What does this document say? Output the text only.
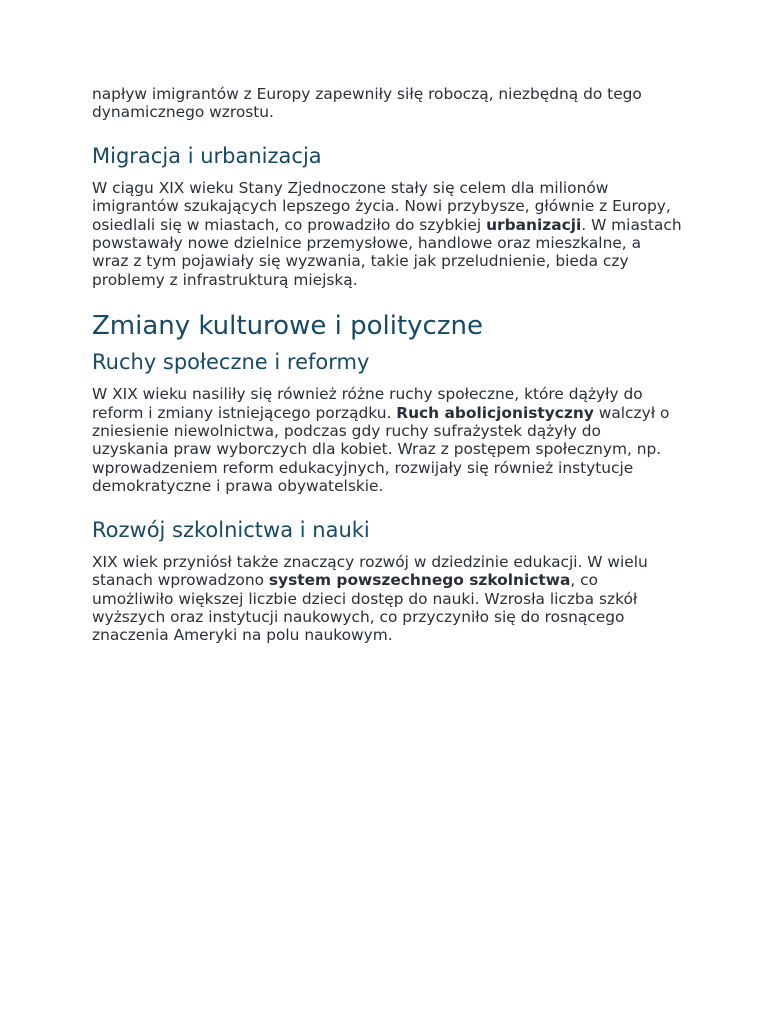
napływ imigrantów z Europy zapewniły siłę roboczą, niezbędną do tego dynamicznego wzrostu.

Migracja i urbanizacja

W ciągu XIX wieku Stany Zjednoczone stały się celem dla milionów imigrantów szukających lepszego życia. Nowi przybysze, głównie z Europy, osiedlali się w miastach, co prowadziło do szybkiej urbanizacji. W miastach powstawały nowe dzielnice przemysłowe, handlowe oraz mieszkalne, a wraz z tym pojawiały się wyzwania, takie jak przeludnienie, bieda czy problemy z infrastrukturą miejską.

Zmiany kulturowe i polityczne
Ruchy społeczne i reformy

W XIX wieku nasiliły się również różne ruchy społeczne, które dążyły do reform i zmiany istniejącego porządku. Ruch abolicjonistyczny walczył o zniesienie niewolnictwa, podczas gdy ruchy sufrażystek dążyły do uzyskania praw wyborczych dla kobiet. Wraz z postępem społecznym, np. wprowadzeniem reform edukacyjnych, rozwijały się również instytucje demokratyczne i prawa obywatelskie.

Rozwój szkolnictwa i nauki

XIX wiek przyniósł także znaczący rozwój w dziedzinie edukacji. W wielu stanach wprowadzono system powszechnego szkolnictwa, co umożliwiło większej liczbie dzieci dostęp do nauki. Wzrosła liczba szkół wyższych oraz instytucji naukowych, co przyczyniło się do rosnącego znaczenia Ameryki na polu naukowym.
